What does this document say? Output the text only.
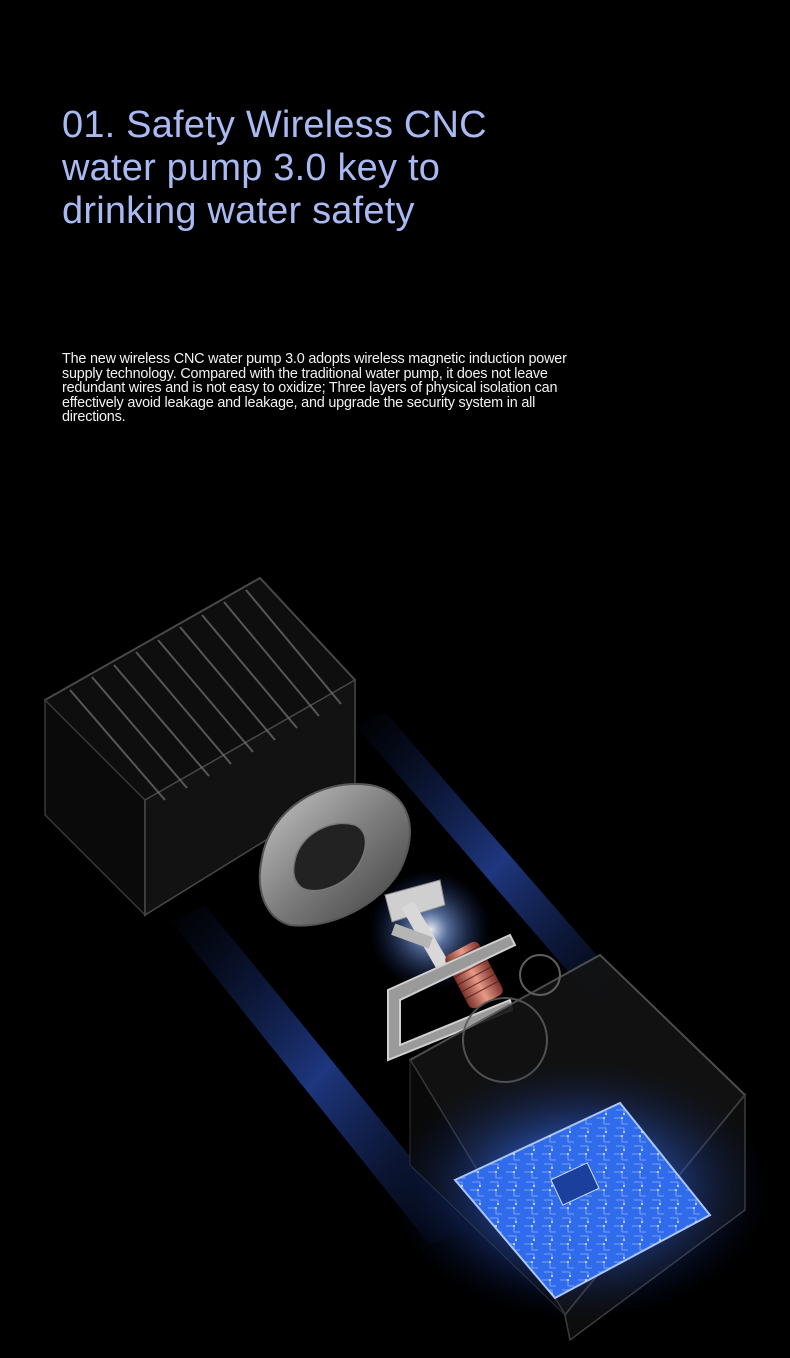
01. Safety Wireless CNC
water pump 3.0 key to
drinking water safety

The new wireless CNC water pump 3.0 adopts wireless magnetic induction power
supply technology. Compared with the traditional water pump, it does not leave
redundant wires and is not easy to oxidize; Three layers of physical isolation can
effectively avoid leakage and leakage, and upgrade the security system in all
directions.
